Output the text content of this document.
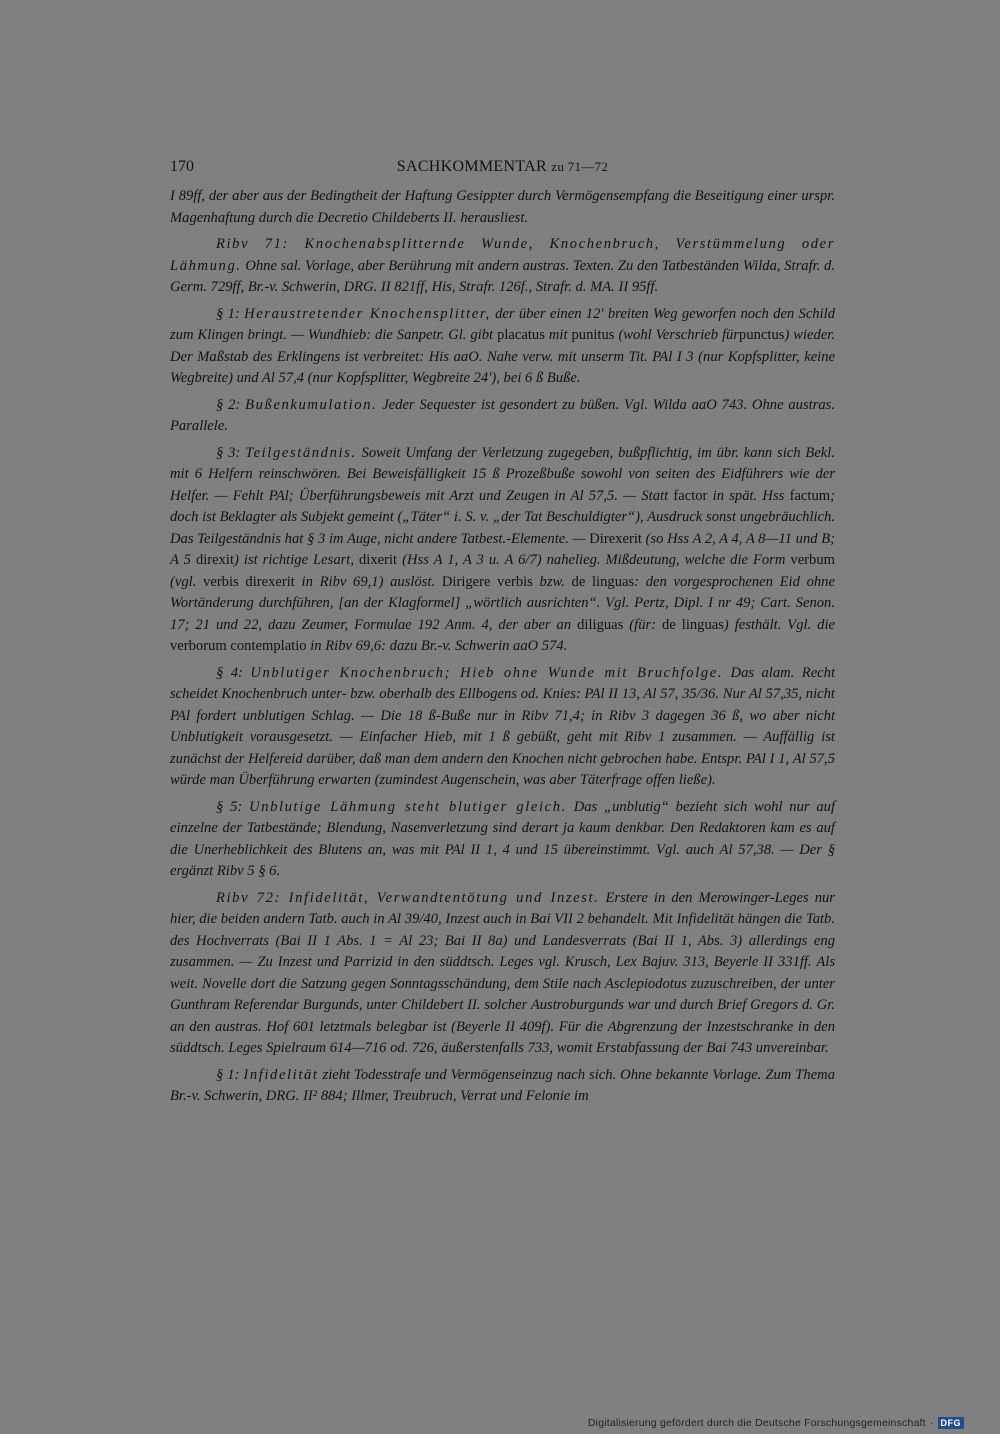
170	SACHKOMMENTAR zu 71—72

I 89ff, der aber aus der Bedingtheit der Haftung Gesippter durch Vermögensempfang die Beseitigung einer urspr. Magenhaftung durch die Decretio Childeberts II. herausliest.

Ribv 71: Knochenabsplitternde Wunde, Knochenbruch, Verstümmelung oder Lähmung. Ohne sal. Vorlage, aber Berührung mit andern austras. Texten. Zu den Tatbeständen Wilda, Strafr. d. Germ. 729ff, Br.-v. Schwerin, DRG. II 821ff, His, Strafr. 126f., Strafr. d. MA. II 95ff.

§ 1: Heraustretender Knochensplitter, der über einen 12′ breiten Weg geworfen noch den Schild zum Klingen bringt. — Wundhieb: die Sanpetr. Gl. gibt placatus mit punitus (wohl Verschrieb fürpunctus) wieder. Der Maßstab des Erklingens ist verbreitet: His aaO. Nahe verw. mit unserm Tit. PAl I 3 (nur Kopfsplitter, keine Wegbreite) und Al 57,4 (nur Kopfsplitter, Wegbreite 24′), bei 6 ß Buße.

§ 2: Bußenkumulation. Jeder Sequester ist gesondert zu büßen. Vgl. Wilda aaO 743. Ohne austras. Parallele.

§ 3: Teilgeständnis. Soweit Umfang der Verletzung zugegeben, bußpflichtig, im übr. kann sich Bekl. mit 6 Helfern reinschwören. Bei Beweisfälligkeit 15 ß Prozeßbuße sowohl von seiten des Eidführers wie der Helfer. — Fehlt PAl; Überführungsbeweis mit Arzt und Zeugen in Al 57,5. — Statt factor in spät. Hss factum; doch ist Beklagter als Subjekt gemeint („Täter“ i. S. v. „der Tat Beschuldigter“), Ausdruck sonst ungebräuchlich. Das Teilgeständnis hat § 3 im Auge, nicht andere Tatbest.-Elemente. — Direxerit (so Hss A 2, A 4, A 8—11 und B; A 5 direxit) ist richtige Lesart, dixerit (Hss A 1, A 3 u. A 6/7) nahelieg. Mißdeutung, welche die Form verbum (vgl. verbis direxerit in Ribv 69,1) auslöst. Dirigere verbis bzw. de linguas: den vorgesprochenen Eid ohne Wortänderung durchführen, [an der Klagformel] „wörtlich ausrichten“. Vgl. Pertz, Dipl. I nr 49; Cart. Senon. 17; 21 und 22, dazu Zeumer, Formulae 192 Anm. 4, der aber an diliguas (für: de linguas) festhält. Vgl. die verborum contemplatio in Ribv 69,6: dazu Br.-v. Schwerin aaO 574.

§ 4: Unblutiger Knochenbruch; Hieb ohne Wunde mit Bruchfolge. Das alam. Recht scheidet Knochenbruch unter- bzw. oberhalb des Ellbogens od. Knies: PAl II 13, Al 57, 35/36. Nur Al 57,35, nicht PAl fordert unblutigen Schlag. — Die 18 ß-Buße nur in Ribv 71,4; in Ribv 3 dagegen 36 ß, wo aber nicht Unblutigkeit vorausgesetzt. — Einfacher Hieb, mit 1 ß gebüßt, geht mit Ribv 1 zusammen. — Auffällig ist zunächst der Helfereid darüber, daß man dem andern den Knochen nicht gebrochen habe. Entspr. PAl I 1, Al 57,5 würde man Überführung erwarten (zumindest Augenschein, was aber Täterfrage offen ließe).

§ 5: Unblutige Lähmung steht blutiger gleich. Das „unblutig“ bezieht sich wohl nur auf einzelne der Tatbestände; Blendung, Nasenverletzung sind derart ja kaum denkbar. Den Redaktoren kam es auf die Unerheblichkeit des Blutens an, was mit PAl II 1, 4 und 15 übereinstimmt. Vgl. auch Al 57,38. — Der § ergänzt Ribv 5 § 6.

Ribv 72: Infidelität, Verwandtentötung und Inzest. Erstere in den Merowinger-Leges nur hier, die beiden andern Tatb. auch in Al 39/40, Inzest auch in Bai VII 2 behandelt. Mit Infidelität hängen die Tatb. des Hochverrats (Bai II 1 Abs. 1 = Al 23; Bai II 8a) und Landesverrats (Bai II 1, Abs. 3) allerdings eng zusammen. — Zu Inzest und Parrizid in den süddtsch. Leges vgl. Krusch, Lex Bajuv. 313, Beyerle II 331ff. Als weit. Novelle dort die Satzung gegen Sonntagsschändung, dem Stile nach Asclepiodotus zuzuschreiben, der unter Gunthram Referendar Burgunds, unter Childebert II. solcher Austroburgunds war und durch Brief Gregors d. Gr. an den austras. Hof 601 letztmals belegbar ist (Beyerle II 409f). Für die Abgrenzung der Inzestschranke in den süddtsch. Leges Spielraum 614—716 od. 726, äußerstenfalls 733, womit Erstabfassung der Bai 743 unvereinbar.

§ 1: Infidelität zieht Todesstrafe und Vermögenseinzug nach sich. Ohne bekannte Vorlage. Zum Thema Br.-v. Schwerin, DRG. II² 884; Illmer, Treubruch, Verrat und Felonie im

Digitalisierung gefördert durch die Deutsche Forschungsgemeinschaft · DFG
